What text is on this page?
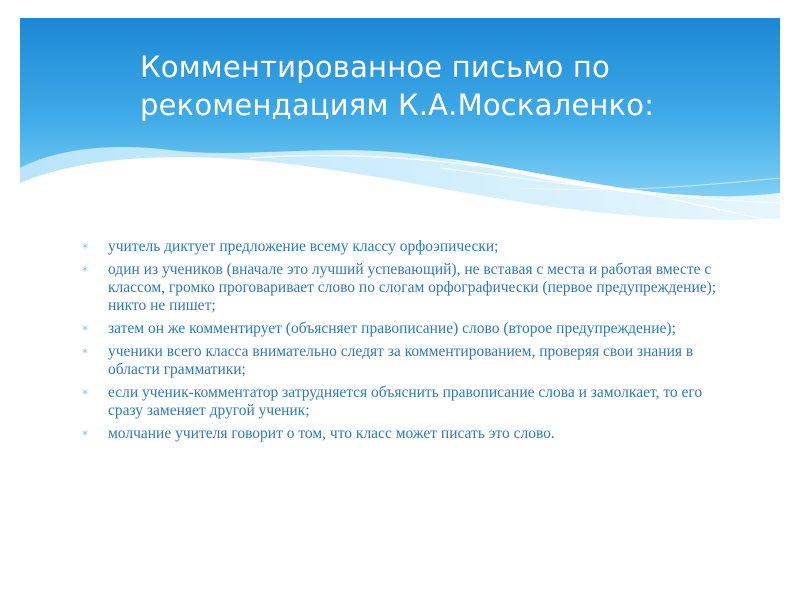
Комментированное письмо по
рекомендациям К.А.Москаленко:
* учитель диктует предложение всему классу орфоэпически;
* один из учеников (вначале это лучший успевающий), не вставая с места и работая вместе с классом, громко проговаривает слово по слогам орфографически (первое предупреждение); никто не пишет;
* затем он же комментирует (объясняет правописание) слово (второе предупреждение);
* ученики всего класса внимательно следят за комментированием, проверяя свои знания в области грамматики;
* если ученик-комментатор затрудняется объяснить правописание слова и замолкает, то его сразу заменяет другой ученик;
* молчание учителя говорит о том, что класс может писать это слово.
